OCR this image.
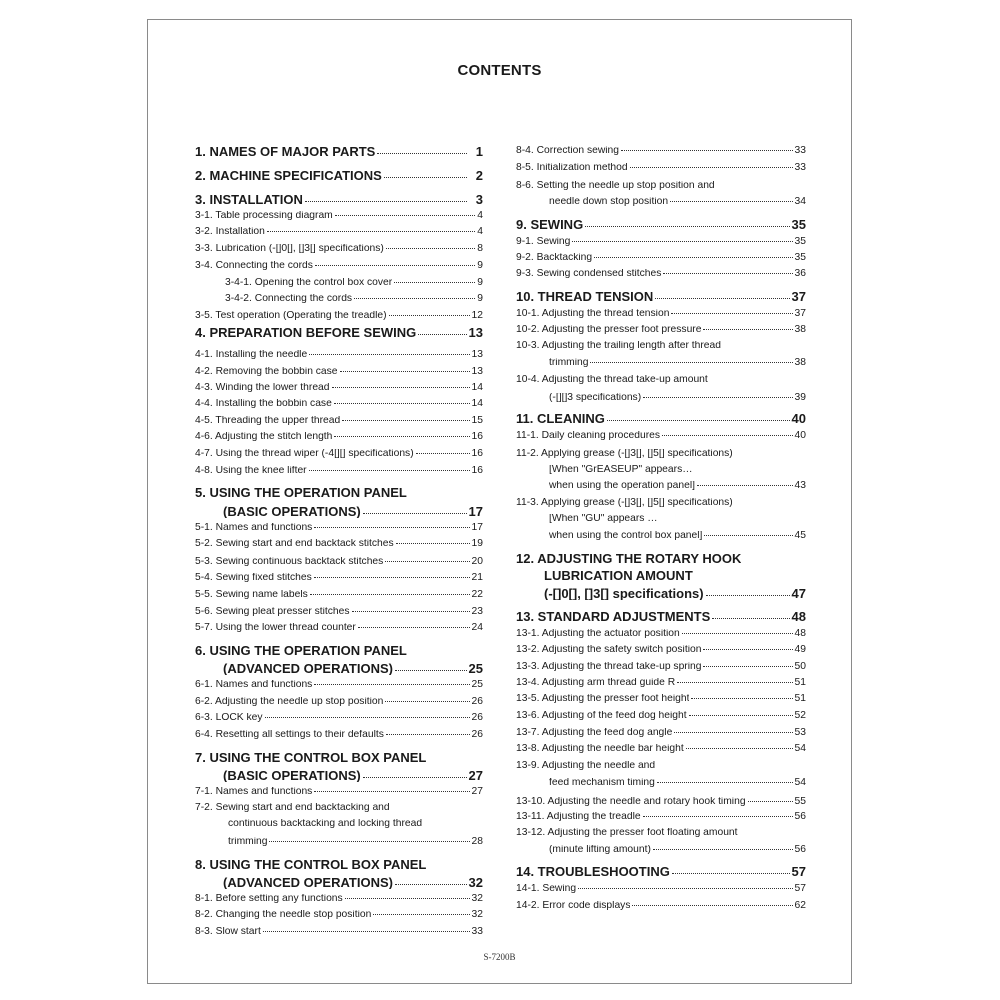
CONTENTS
1. NAMES OF MAJOR PARTS	1
2. MACHINE SPECIFICATIONS	2
3. INSTALLATION	3
3-1. Table processing diagram	4
3-2. Installation	4
3-3. Lubrication (-[]0[], []3[] specifications)	8
3-4. Connecting the cords	9
3-4-1. Opening the control box cover	9
3-4-2. Connecting the cords	9
3-5. Test operation (Operating the treadle)	12
4. PREPARATION BEFORE SEWING	13
4-1. Installing the needle	13
4-2. Removing the bobbin case	13
4-3. Winding the lower thread	14
4-4. Installing the bobbin case	14
4-5. Threading the upper thread	15
4-6. Adjusting the stitch length	16
4-7. Using the thread wiper (-4[][] specifications)	16
4-8. Using the knee lifter	16
5. USING THE OPERATION PANEL
(BASIC OPERATIONS)	17
5-1. Names and functions	17
5-2. Sewing start and end backtack stitches	19
5-3. Sewing continuous backtack stitches	20
5-4. Sewing fixed stitches	21
5-5. Sewing name labels	22
5-6. Sewing pleat presser stitches	23
5-7. Using the lower thread counter	24
6. USING THE OPERATION PANEL
(ADVANCED OPERATIONS)	25
6-1. Names and functions	25
6-2. Adjusting the needle up stop position	26
6-3. LOCK key	26
6-4. Resetting all settings to their defaults	26
7. USING THE CONTROL BOX PANEL
(BASIC OPERATIONS)	27
7-1. Names and functions	27
7-2. Sewing start and end backtacking and
continuous backtacking and locking thread
trimming	28
8. USING THE CONTROL BOX PANEL
(ADVANCED OPERATIONS)	32
8-1. Before setting any functions	32
8-2. Changing the needle stop position	32
8-3. Slow start	33
8-4. Correction sewing	33
8-5. Initialization method	33
8-6. Setting the needle up stop position and
needle down stop position	34
9. SEWING	35
9-1. Sewing	35
9-2. Backtacking	35
9-3. Sewing condensed stitches	36
10. THREAD TENSION	37
10-1. Adjusting the thread tension	37
10-2. Adjusting the presser foot pressure	38
10-3. Adjusting the trailing length after thread
trimming	38
10-4. Adjusting the thread take-up amount
(-[][]3 specifications)	39
11. CLEANING	40
11-1. Daily cleaning procedures	40
11-2. Applying grease (-[]3[], []5[] specifications)
[When "GrEASEUP" appears…
when using the operation panel]	43
11-3. Applying grease (-[]3[], []5[] specifications)
[When "GU" appears …
when using the control box panel]	45
12. ADJUSTING THE ROTARY HOOK
LUBRICATION AMOUNT
(-[]0[], []3[] specifications)	47
13. STANDARD ADJUSTMENTS	48
13-1. Adjusting the actuator position	48
13-2. Adjusting the safety switch position	49
13-3. Adjusting the thread take-up spring	50
13-4. Adjusting arm thread guide R	51
13-5. Adjusting the presser foot height	51
13-6. Adjusting of the feed dog height	52
13-7. Adjusting the feed dog angle	53
13-8. Adjusting the needle bar height	54
13-9. Adjusting the needle and
feed mechanism timing	54
13-10. Adjusting the needle and rotary hook timing	55
13-11. Adjusting the treadle	56
13-12. Adjusting the presser foot floating amount
(minute lifting amount)	56
14. TROUBLESHOOTING	57
14-1. Sewing	57
14-2. Error code displays	62
S-7200B
